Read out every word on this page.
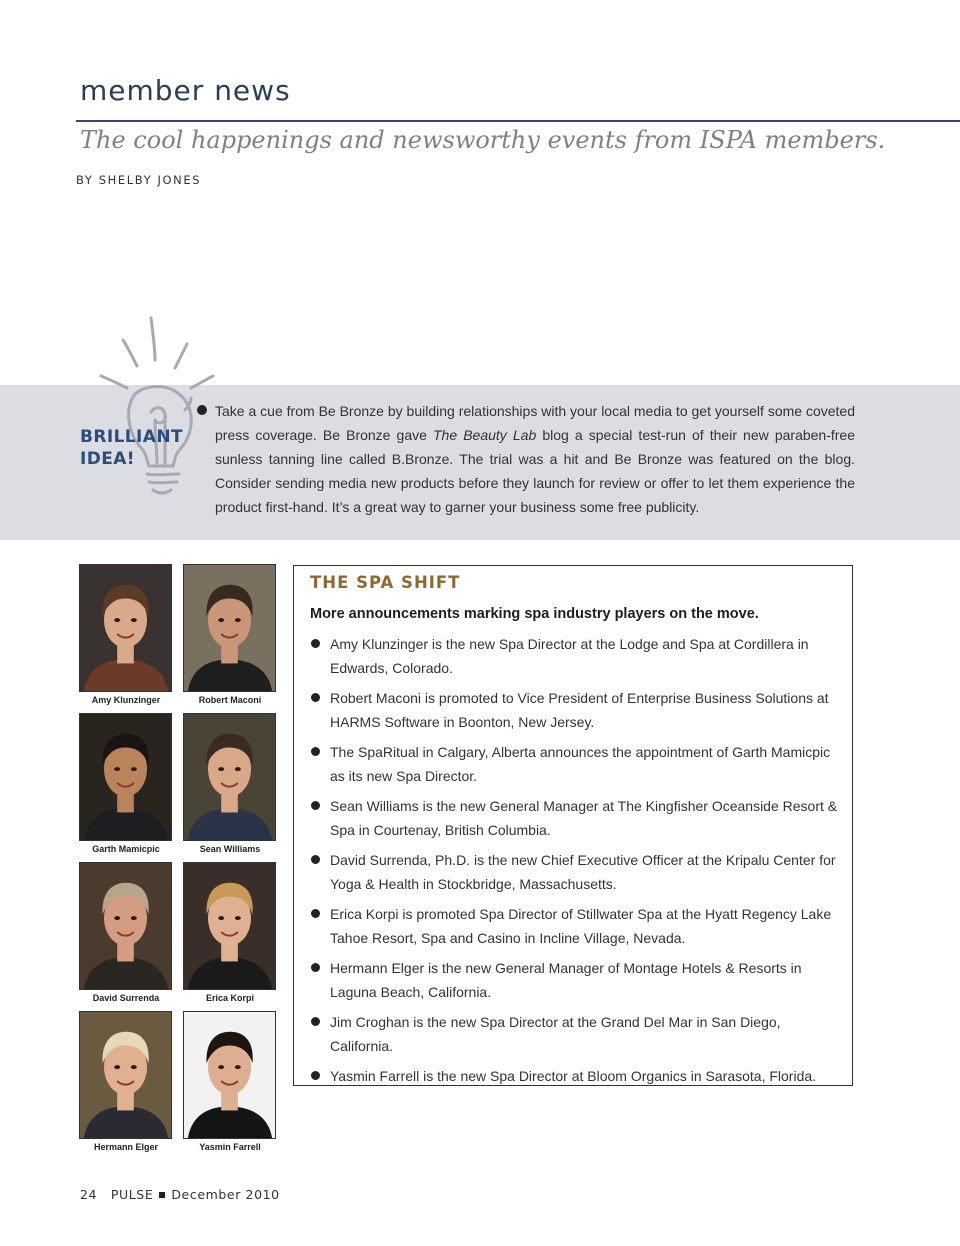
member news
The cool happenings and newsworthy events from ISPA members.
BY SHELBY JONES
BRILLIANT
IDEA!

Take a cue from Be Bronze by building relationships with your local media to get yourself some coveted press coverage. Be Bronze gave The Beauty Lab blog a special test-run of their new paraben-free sunless tanning line called B.Bronze. The trial was a hit and Be Bronze was featured on the blog. Consider sending media new products before they launch for review or offer to let them experience the product first-hand. It’s a great way to garner your business some free publicity.

Amy Klunzinger	Robert Maconi
Garth Mamicpic	Sean Williams
David Surrenda	Erica Korpi
Hermann Elger	Yasmin Farrell
THE SPA SHIFT
More announcements marking spa industry players on the move.
Amy Klunzinger is the new Spa Director at the Lodge and Spa at Cordillera in Edwards, Colorado.
Robert Maconi is promoted to Vice President of Enterprise Business Solutions at HARMS Software in Boonton, New Jersey.
The SpaRitual in Calgary, Alberta announces the appointment of Garth Mamicpic as its new Spa Director.
Sean Williams is the new General Manager at The Kingfisher Oceanside Resort & Spa in Courtenay, British Columbia.
David Surrenda, Ph.D. is the new Chief Executive Officer at the Kripalu Center for Yoga & Health in Stockbridge, Massachusetts.
Erica Korpi is promoted Spa Director of Stillwater Spa at the Hyatt Regency Lake Tahoe Resort, Spa and Casino in Incline Village, Nevada.
Hermann Elger is the new General Manager of Montage Hotels & Resorts in Laguna Beach, California.
Jim Croghan is the new Spa Director at the Grand Del Mar in San Diego, California.
Yasmin Farrell is the new Spa Director at Bloom Organics in Sarasota, Florida.
24 PULSE December 2010
